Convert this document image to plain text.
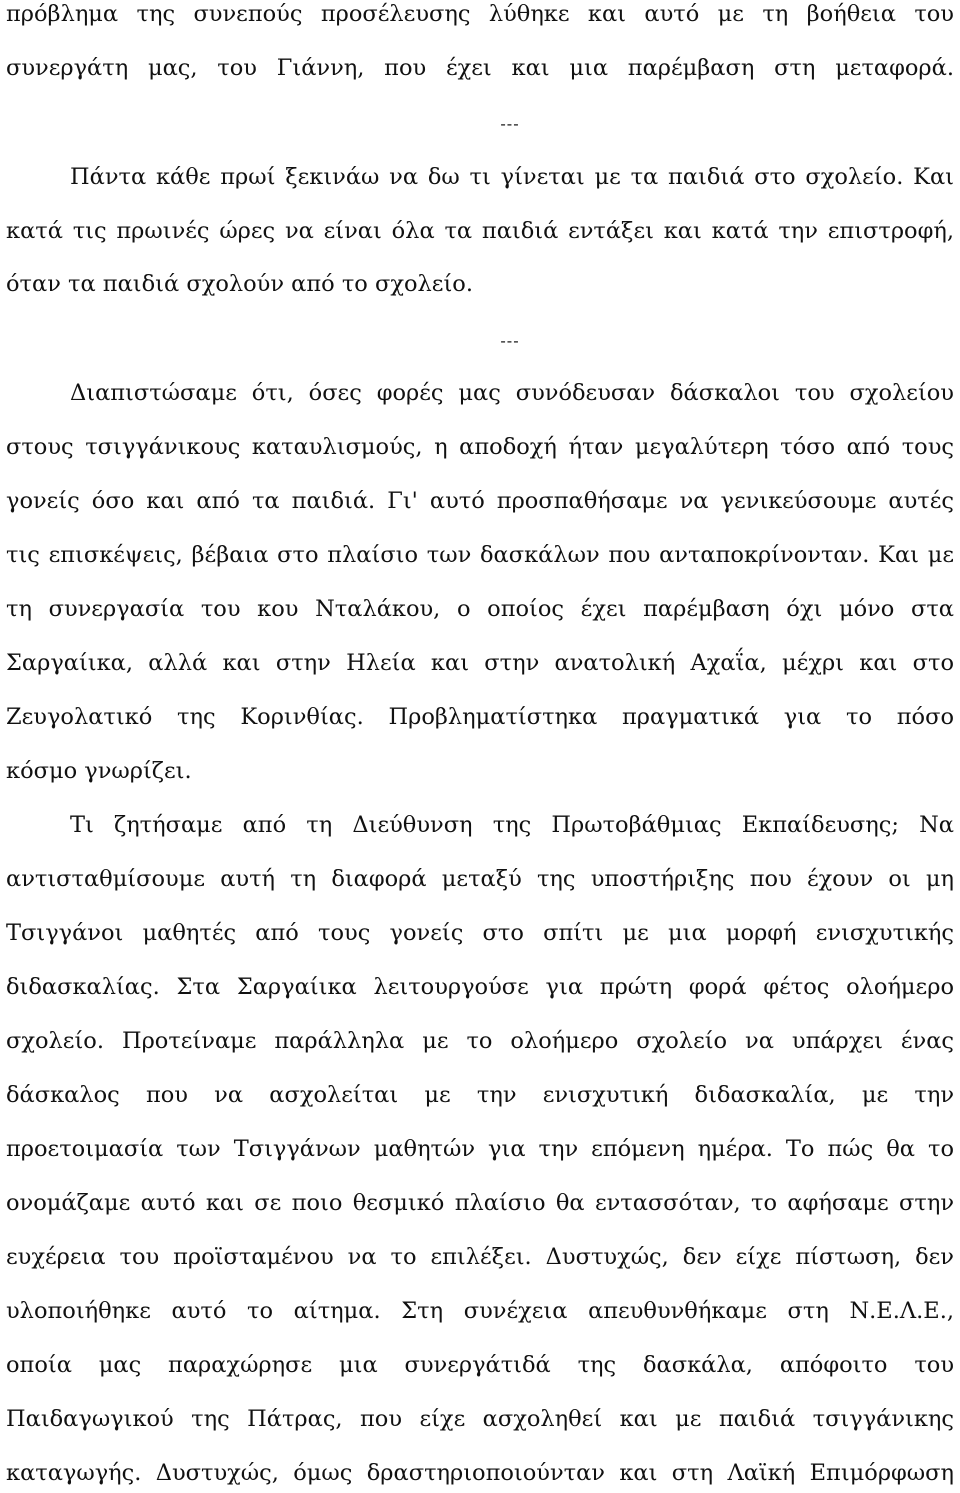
πρόβλημα της συνεπούς προσέλευσης λύθηκε και αυτό με τη βοήθεια του
συνεργάτη μας, του Γιάννη, που έχει και μια παρέμβαση στη μεταφορά.
---
Πάντα κάθε πρωί ξεκινάω να δω τι γίνεται με τα παιδιά στο σχολείο. Και
κατά τις πρωινές ώρες να είναι όλα τα παιδιά εντάξει και κατά την επιστροφή,
όταν τα παιδιά σχολούν από το σχολείο.
---
Διαπιστώσαμε ότι, όσες φορές μας συνόδευσαν δάσκαλοι του σχολείου
στους τσιγγάνικους καταυλισμούς, η αποδοχή ήταν μεγαλύτερη τόσο από τους
γονείς όσο και από τα παιδιά. Γι' αυτό προσπαθήσαμε να γενικεύσουμε αυτές
τις επισκέψεις, βέβαια στο πλαίσιο των δασκάλων που ανταποκρίνονταν. Και με
τη συνεργασία του κου Νταλάκου, ο οποίος έχει παρέμβαση όχι μόνο στα
Σαργαίικα, αλλά και στην Ηλεία και στην ανατολική Αχαΐα, μέχρι και στο
Ζευγολατικό της Κορινθίας. Προβληματίστηκα πραγματικά για το πόσο
κόσμο γνωρίζει.
Τι ζητήσαμε από τη Διεύθυνση της Πρωτοβάθμιας Εκπαίδευσης; Να
αντισταθμίσουμε αυτή τη διαφορά μεταξύ της υποστήριξης που έχουν οι μη
Τσιγγάνοι μαθητές από τους γονείς στο σπίτι με μια μορφή ενισχυτικής
διδασκαλίας. Στα Σαργαίικα λειτουργούσε για πρώτη φορά φέτος ολοήμερο
σχολείο. Προτείναμε παράλληλα με το ολοήμερο σχολείο να υπάρχει ένας
δάσκαλος που να ασχολείται με την ενισχυτική διδασκαλία, με την
προετοιμασία των Τσιγγάνων μαθητών για την επόμενη ημέρα. Το πώς θα το
ονομάζαμε αυτό και σε ποιο θεσμικό πλαίσιο θα εντασσόταν, το αφήσαμε στην
ευχέρεια του προϊσταμένου να το επιλέξει. Δυστυχώς, δεν είχε πίστωση, δεν
υλοποιήθηκε αυτό το αίτημα. Στη συνέχεια απευθυνθήκαμε στη Ν.Ε.Λ.Ε.,
οποία μας παραχώρησε μια συνεργάτιδά της δασκάλα, απόφοιτο του
Παιδαγωγικού της Πάτρας, που είχε ασχοληθεί και με παιδιά τσιγγάνικης
καταγωγής. Δυστυχώς, όμως δραστηριοποιούνταν και στη Λαϊκή Επιμόρφωση
